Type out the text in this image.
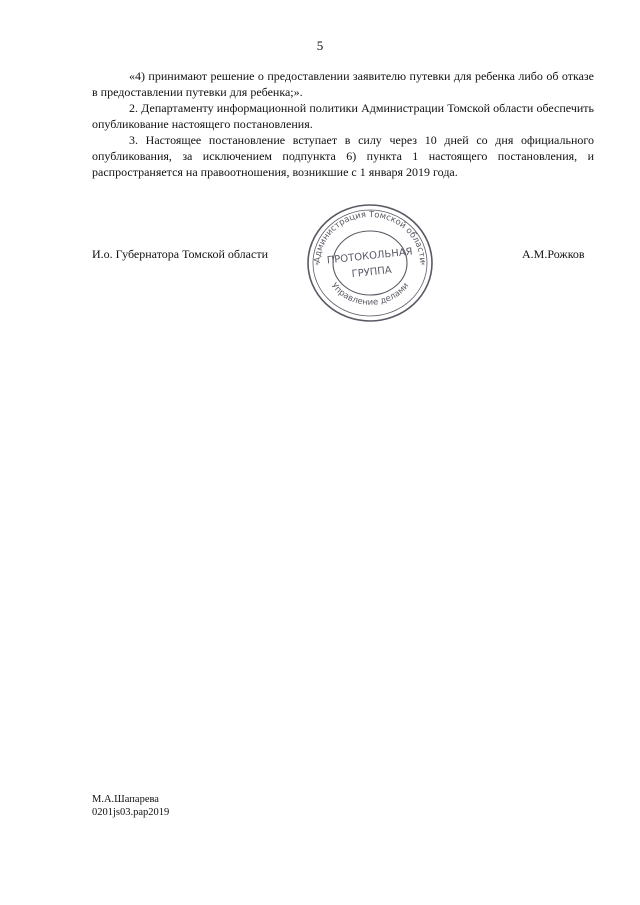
5

«4) принимают решение о предоставлении заявителю путевки для ребенка либо об отказе в предоставлении путевки для ребенка;».

2. Департаменту информационной политики Администрации Томской области обеспечить опубликование настоящего постановления.

3. Настоящее постановление вступает в силу через 10 дней со дня официального опубликования, за исключением подпункта 6) пункта 1 настоящего постановления, и распространяется на правоотношения, возникшие с 1 января 2019 года.

И.о. Губернатора Томской области	А.М.Рожков
Администрация Томской области
Управление делами
ПРОТОКОЛЬНАЯ
ГРУППА
*	*
М.А.Шапарева
0201js03.pap2019
